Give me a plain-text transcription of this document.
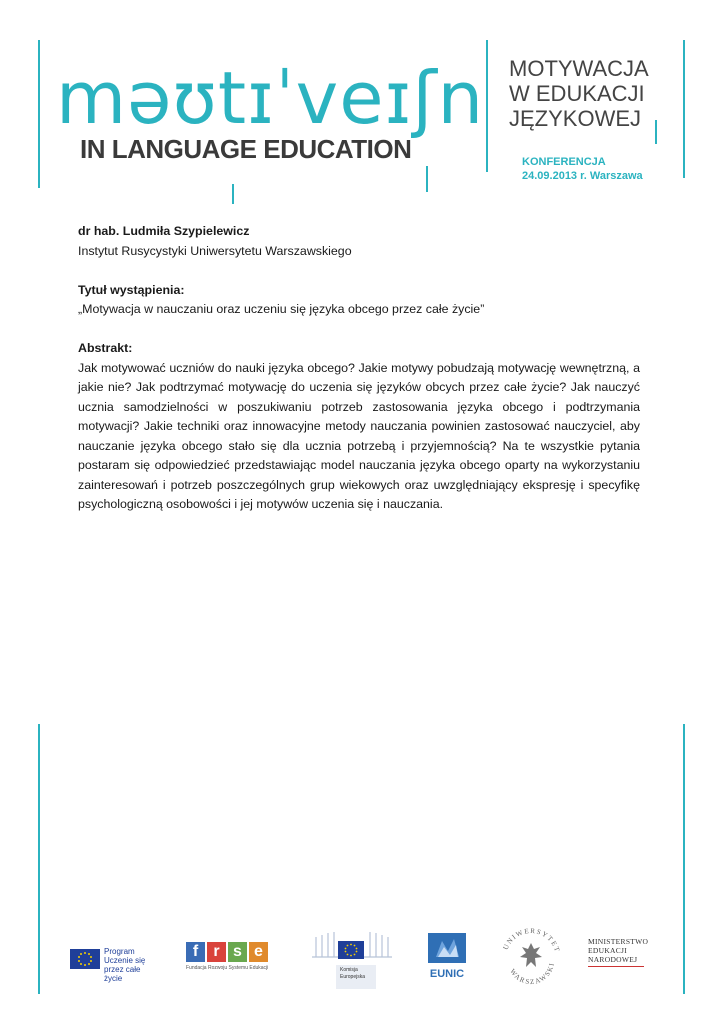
məʊtɪˈveɪʃn
IN LANGUAGE EDUCATION
MOTYWACJA
W EDUKACJI
JĘZYKOWEJ
KONFERENCJA
24.09.2013 r. Warszawa

dr hab. Ludmiła Szypielewicz

Instytut Rusycystyki Uniwersytetu Warszawskiego

Tytuł wystąpienia:

„Motywacja w nauczaniu oraz uczeniu się języka obcego przez całe życie”

Abstrakt:

Jak motywować uczniów do nauki języka obcego? Jakie motywy pobudzają motywację wewnętrzną, a jakie nie? Jak podtrzymać motywację do uczenia się języków obcych przez całe życie? Jak nauczyć ucznia samodzielności w poszukiwaniu potrzeb zastosowania języka obcego i podtrzymania motywacji? Jakie techniki oraz innowacyjne metody nauczania powinien zastosować nauczyciel, aby nauczanie języka obcego stało się dla ucznia potrzebą i przyjemnością? Na te wszystkie pytania postaram się odpowiedzieć przedstawiając model nauczania języka obcego oparty na wykorzystaniu zainteresowań i potrzeb poszczególnych grup wiekowych oraz uwzględniający ekspresję i specyfikę psychologiczną osobowości i jej motywów uczenia się i nauczania.

Program
Uczenie się
przez całe życie
f r s e
Fundacja Rozwoju Systemu Edukacji	Komisja
Europejska	EUNIC
UNIWERSYTET
WARSZAWSKI
MINISTERSTWO
EDUKACJI
NARODOWEJ
